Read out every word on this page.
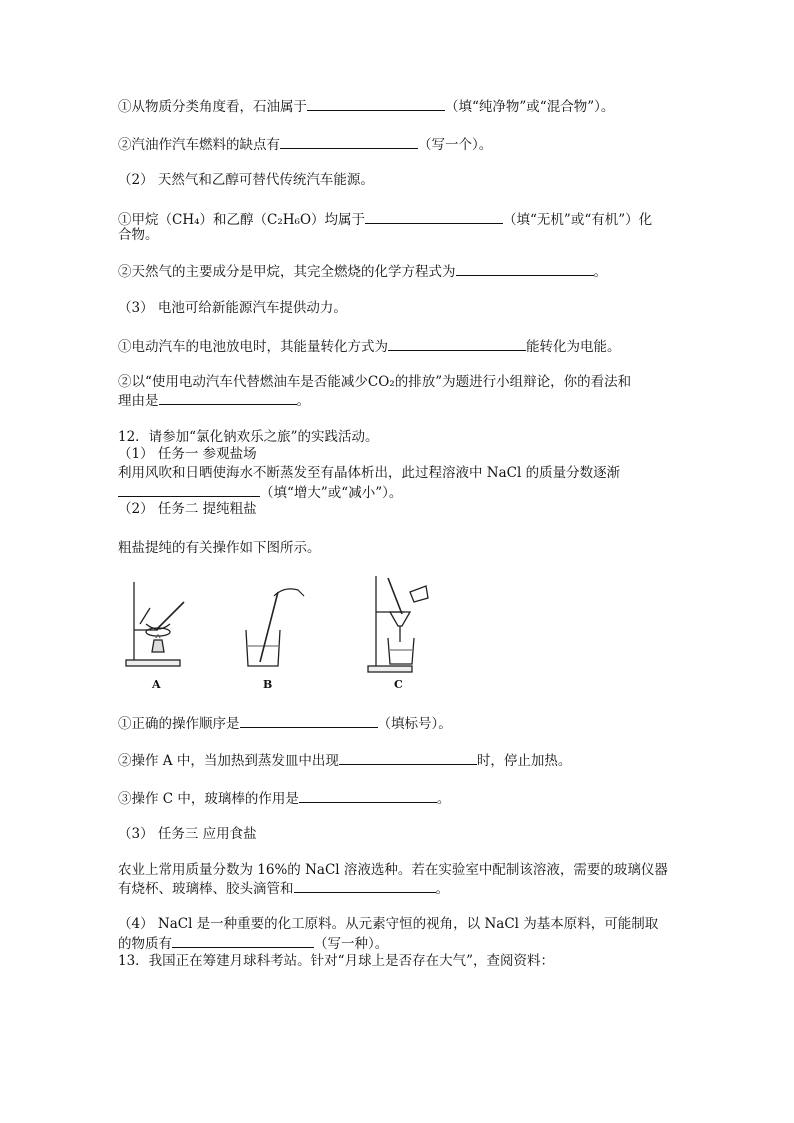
①从物质分类角度看，石油属于	（填“纯净物”或“混合物”）。
②汽油作汽车燃料的缺点有	（写一个）。
（2） 天然气和乙醇可替代传统汽车能源。
①甲烷（CH₄）和乙醇（C₂H₆O）均属于	（填“无机”或“有机”）化
合物。
②天然气的主要成分是甲烷，其完全燃烧的化学方程式为	。
（3） 电池可给新能源汽车提供动力。
①电动汽车的电池放电时，其能量转化方式为	能转化为电能。
②以“使用电动汽车代替燃油车是否能减少CO₂的排放”为题进行小组辩论，你的看法和
理由是	。
12．请参加“氯化钠欢乐之旅”的实践活动。
（1） 任务一 参观盐场
利用风吹和日晒使海水不断蒸发至有晶体析出，此过程溶液中 NaCl 的质量分数逐渐
（填“增大”或“减小”）。
（2） 任务二 提纯粗盐
粗盐提纯的有关操作如下图所示。
A	B	C
①正确的操作顺序是	（填标号）。
②操作 A 中，当加热到蒸发皿中出现	时，停止加热。
③操作 C 中，玻璃棒的作用是	。
（3） 任务三 应用食盐
农业上常用质量分数为 16%的 NaCl 溶液选种。若在实验室中配制该溶液，需要的玻璃仪器
有烧杯、玻璃棒、胶头滴管和	。
（4） NaCl 是一种重要的化工原料。从元素守恒的视角，以 NaCl 为基本原料，可能制取
的物质有	（写一种）。
13．我国正在筹建月球科考站。针对“月球上是否存在大气”，查阅资料：
